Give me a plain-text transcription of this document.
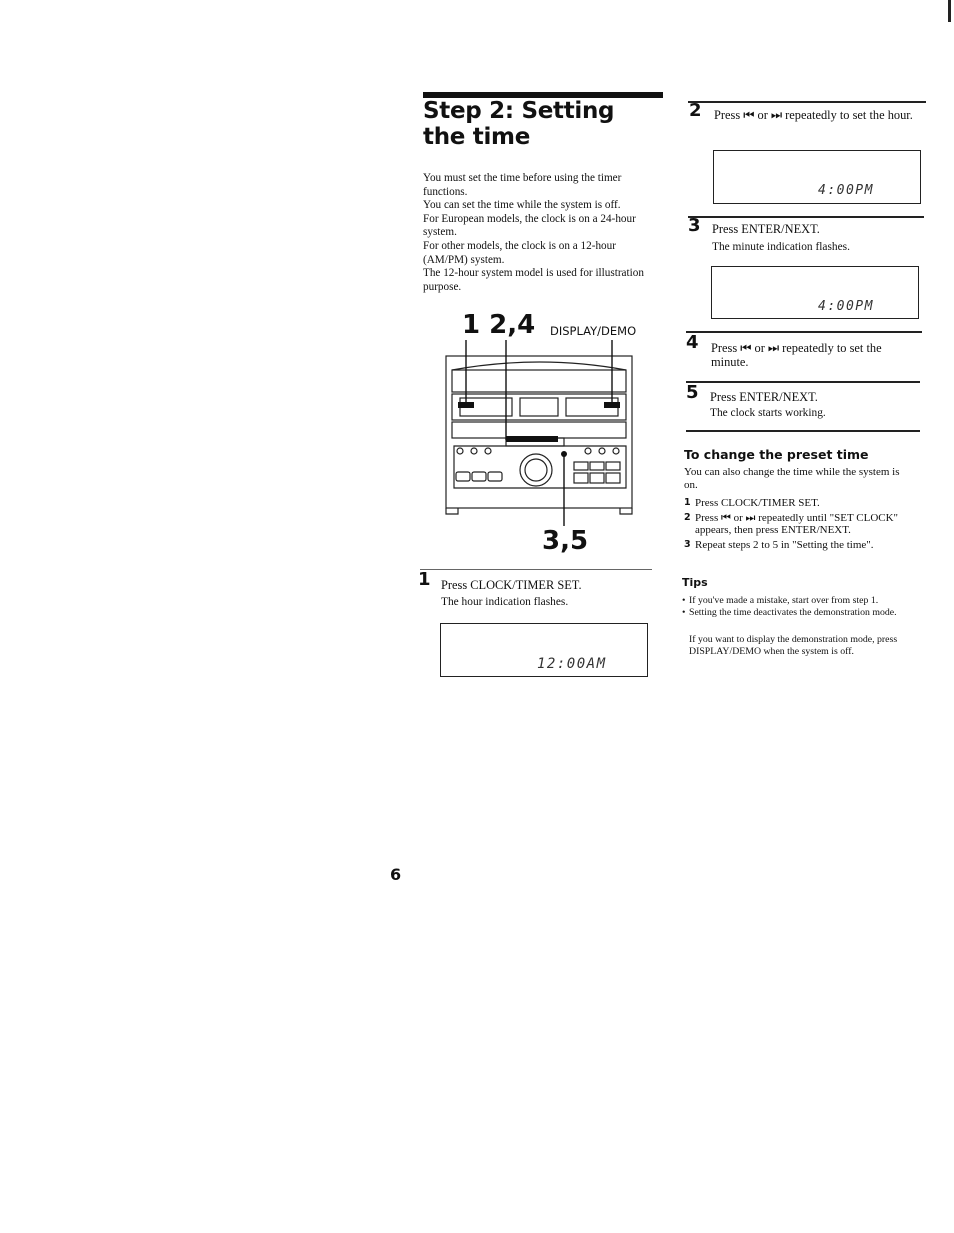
Step 2: Setting the time

You must set the time before using the timer functions.

You can set the time while the system is off.

For European models, the clock is on a 24-hour system.

For other models, the clock is on a 12-hour (AM/PM) system.

The 12-hour system model is used for illustration purpose.

1 2,4 DISPLAY/DEMO
3,5
1 Press CLOCK/TIMER SET.
The hour indication flashes.
12:00AM
2 Press ⏮ or ⏭ repeatedly to set the hour.
4:00PM
3 Press ENTER/NEXT.
The minute indication flashes.
4:00PM
4 Press ⏮ or ⏭ repeatedly to set the minute.
5 Press ENTER/NEXT.
The clock starts working.
To change the preset time
You can also change the time while the system is on.
1 Press CLOCK/TIMER SET.
2 Press ⏮ or ⏭ repeatedly until "SET CLOCK" appears, then press ENTER/NEXT.
3 Repeat steps 2 to 5 in "Setting the time".
Tips
• If you've made a mistake, start over from step 1.
• Setting the time deactivates the demonstration mode.
If you want to display the demonstration mode, press DISPLAY/DEMO when the system is off.
6
